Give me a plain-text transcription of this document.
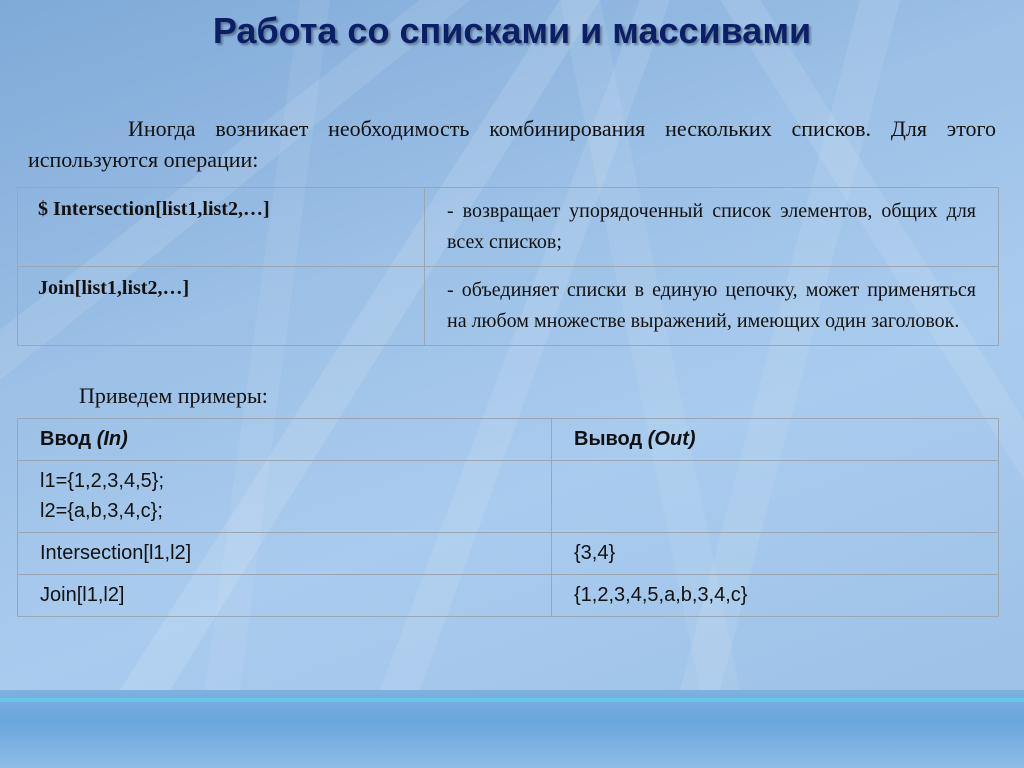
Работа со списками и массивами
Иногда возникает необходимость комбинирования нескольких списков. Для этого используются операции:
$ Intersection[list1,list2,…]	- возвращает упорядоченный список элементов, общих для всех списков;
Join[list1,list2,…]	- объединяет списки в единую цепочку, может применяться на любом множестве выражений, имеющих один заголовок.
Приведем примеры:
Ввод (In)	Вывод (Out)

l1={1,2,3,4,5};
l2={a,b,3,4,c};	

Intersection[l1,l2]	{3,4}
Join[l1,l2]	{1,2,3,4,5,a,b,3,4,c}
